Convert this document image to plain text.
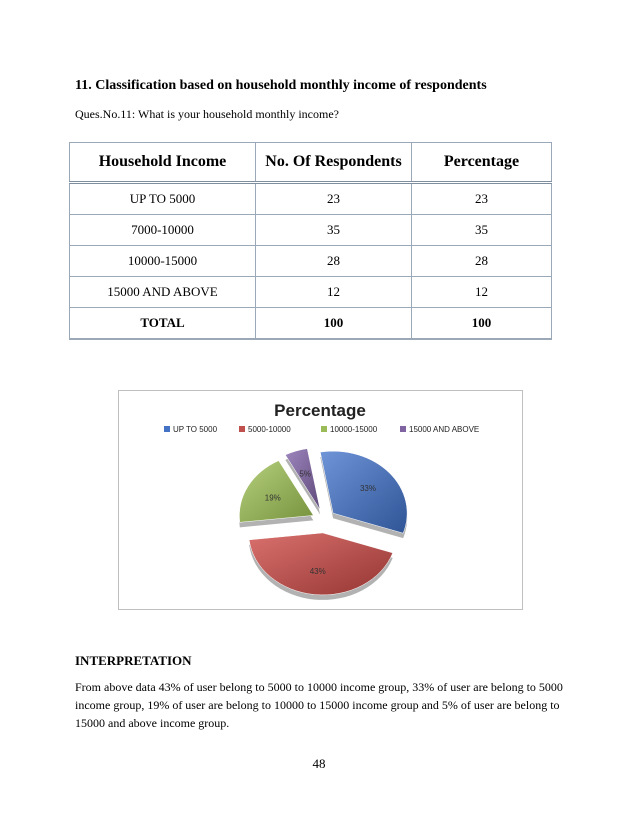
11. Classification based on household monthly income of respondents
Ques.No.11: What is your household monthly income?
Household Income	No. Of Respondents	Percentage
UP TO 5000	23	23
7000-10000	35	35
10000-15000	28	28
15000 AND ABOVE	12	12
TOTAL	100	100
Percentage
UP TO 5000	5000-10000	10000-15000	15000 AND ABOVE
33%
43%
19%
5%
INTERPRETATION
From above data 43% of user belong to 5000 to 10000 income group, 33% of user are belong to 5000 income group, 19% of user are belong to 10000 to 15000 income group and 5% of user are belong to 15000 and above income group.
48
